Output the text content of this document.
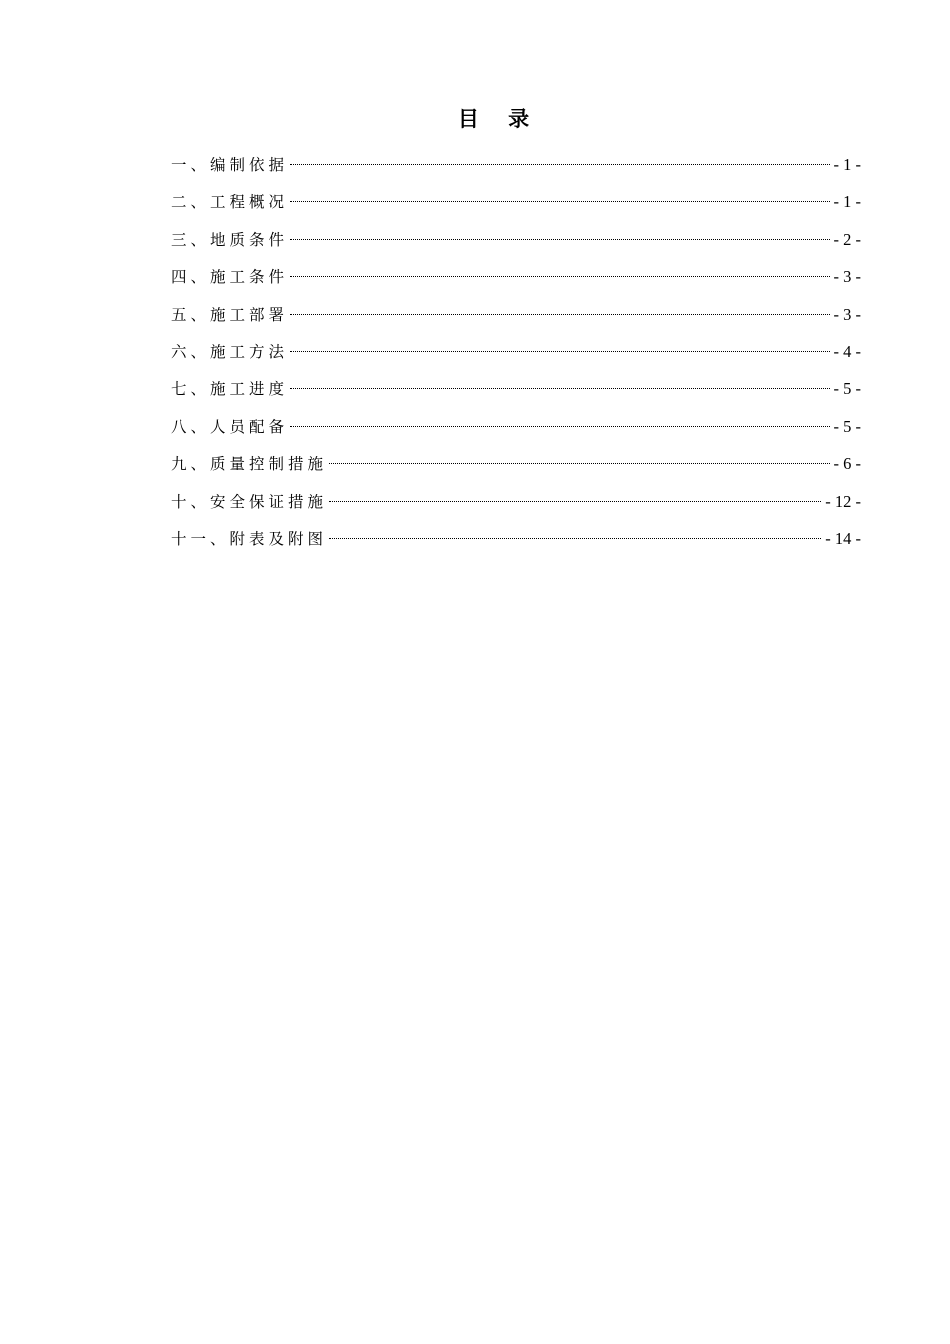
目 录
一、编制依据	- 1 -
二、工程概况	- 1 -
三、地质条件	- 2 -
四、施工条件	- 3 -
五、施工部署	- 3 -
六、施工方法	- 4 -
七、施工进度	- 5 -
八、人员配备	- 5 -
九、质量控制措施	- 6 -
十、安全保证措施	- 12 -
十一、附表及附图	- 14 -
